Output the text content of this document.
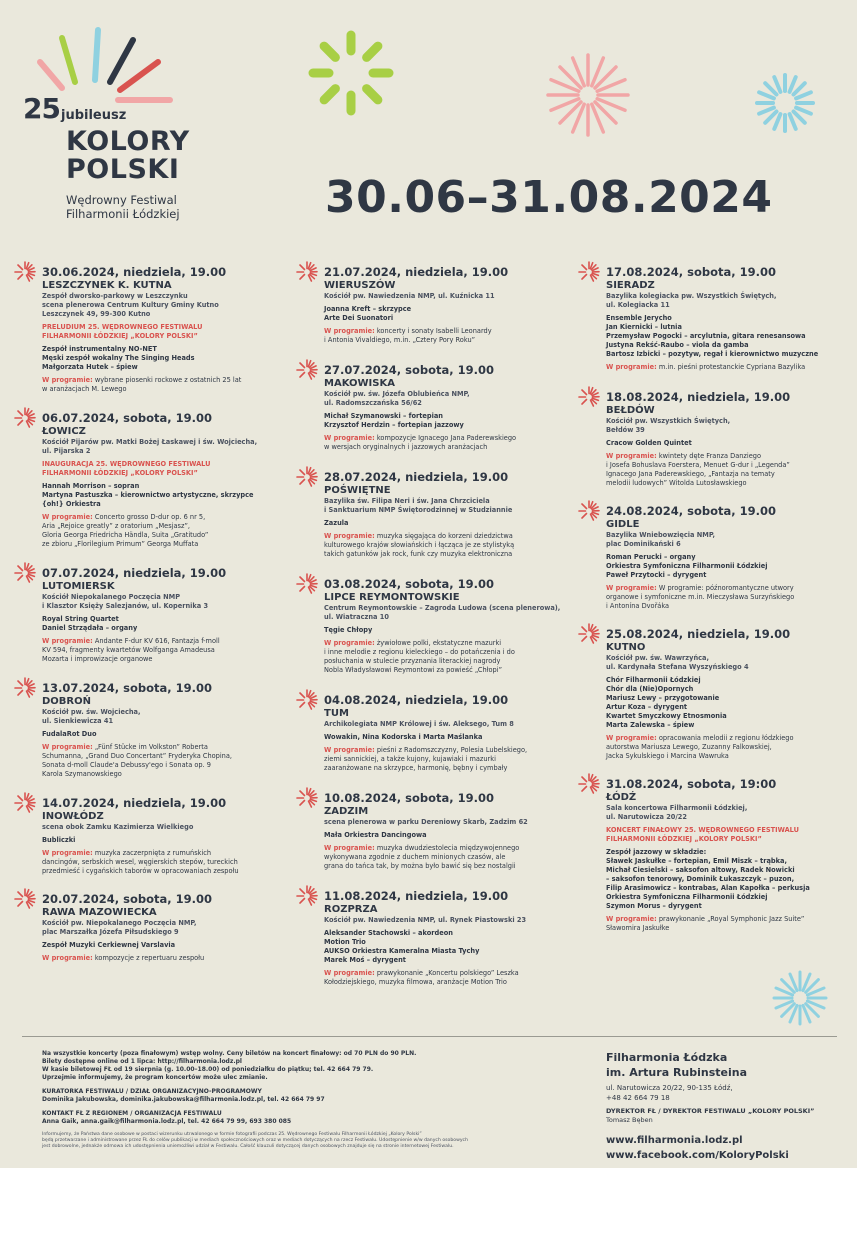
25 jubileusz
KOLORY
POLSKI
Wędrowny Festiwal
Filharmonii Łódzkiej	30.06–31.08.2024
30.06.2024, niedziela, 19.00
LESZCZYNEK K. KUTNA
Zespół dworsko-parkowy w Leszczynku
scena plenerowa Centrum Kultury Gminy Kutno
Leszczynek 49, 99-300 Kutno
PRELUDIUM 25. WĘDROWNEGO FESTIWALU
FILHARMONII ŁÓDZKIEJ „KOLORY POLSKI”
Zespół instrumentalny NO-NET
Męski zespół wokalny The Singing Heads
Małgorzata Hutek – śpiew
W programie: wybrane piosenki rockowe z ostatnich 25 lat
w aranżacjach M. Lewego
06.07.2024, sobota, 19.00
ŁOWICZ
Kościół Pijarów pw. Matki Bożej Łaskawej i św. Wojciecha,
ul. Pijarska 2
INAUGURACJA 25. WĘDROWNEGO FESTIWALU
FILHARMONII ŁÓDZKIEJ „KOLORY POLSKI”
Hannah Morrison – sopran
Martyna Pastuszka – kierownictwo artystyczne, skrzypce
{oh!} Orkiestra
W programie: Concerto grosso D-dur op. 6 nr 5,
Aria „Rejoice greatly” z oratorium „Mesjasz”,
Gloria Georga Friedricha Händla, Suita „Gratitudo”
ze zbioru „Florilegium Primum” Georga Muffata
07.07.2024, niedziela, 19.00
LUTOMIERSK
Kościół Niepokalanego Poczęcia NMP
i Klasztor Księży Salezjanów, ul. Kopernika 3
Royal String Quartet
Daniel Strządała – organy
W programie: Andante F-dur KV 616, Fantazja f-moll
KV 594, fragmenty kwartetów Wolfganga Amadeusa
Mozarta i improwizacje organowe
13.07.2024, sobota, 19.00
DOBROŃ
Kościół pw. św. Wojciecha,
ul. Sienkiewicza 41
FudalaRot Duo
W programie: „Fünf Stücke im Volkston” Roberta
Schumanna, „Grand Duo Concertant” Fryderyka Chopina,
Sonata d-moll Claude'a Debussy'ego i Sonata op. 9
Karola Szymanowskiego
14.07.2024, niedziela, 19.00
INOWŁÓDZ
scena obok Zamku Kazimierza Wielkiego
Bubliczki
W programie: muzyka zaczerpnięta z rumuńskich
dancingów, serbskich wesel, węgierskich stepów, tureckich
przedmieść i cygańskich taborów w opracowaniach zespołu
20.07.2024, sobota, 19.00
RAWA MAZOWIECKA
Kościół pw. Niepokalanego Poczęcia NMP,
plac Marszałka Józefa Piłsudskiego 9
Zespół Muzyki Cerkiewnej Varslavia
W programie: kompozycje z repertuaru zespołu
21.07.2024, niedziela, 19.00
WIERUSZÓW
Kościół pw. Nawiedzenia NMP, ul. Kuźnicka 11
Joanna Kreft – skrzypce
Arte Dei Suonatori
W programie: koncerty i sonaty Isabelli Leonardy
i Antonia Vivaldiego, m.in. „Cztery Pory Roku”
27.07.2024, sobota, 19.00
MAKOWISKA
Kościół pw. św. Józefa Oblubieńca NMP,
ul. Radomszczańska 56/62
Michał Szymanowski – fortepian
Krzysztof Herdzin – fortepian jazzowy
W programie: kompozycje Ignacego Jana Paderewskiego
w wersjach oryginalnych i jazzowych aranżacjach
28.07.2024, niedziela, 19.00
POŚWIĘTNE
Bazylika św. Filipa Neri i św. Jana Chrzciciela
i Sanktuarium NMP Świętorodzinnej w Studziannie
Zazula
W programie: muzyka sięgająca do korzeni dziedzictwa
kulturowego krajów słowiańskich i łącząca je ze stylistyką
takich gatunków jak rock, funk czy muzyka elektroniczna
03.08.2024, sobota, 19.00
LIPCE REYMONTOWSKIE
Centrum Reymontowskie – Zagroda Ludowa (scena plenerowa),
ul. Wiatraczna 10
Tęgie Chłopy
W programie: żywiołowe polki, ekstatyczne mazurki
i inne melodie z regionu kieleckiego – do potańczenia i do
posłuchania w stulecie przyznania literackiej nagrody
Nobla Władysławowi Reymontowi za powieść „Chłopi”
04.08.2024, niedziela, 19.00
TUM
Archikolegiata NMP Królowej i św. Aleksego, Tum 8
Wowakin, Nina Kodorska i Marta Maślanka
W programie: pieśni z Radomszczyzny, Polesia Lubelskiego,
ziemi sannickiej, a także kujony, kujawiaki i mazurki
zaaranżowane na skrzypce, harmonię, bębny i cymbały
10.08.2024, sobota, 19.00
ZADZIM
scena plenerowa w parku Dereniowy Skarb, Zadzim 62
Mała Orkiestra Dancingowa
W programie: muzyka dwudziestolecia międzywojennego
wykonywana zgodnie z duchem minionych czasów, ale
grana do tańca tak, by można było bawić się bez nostalgii
11.08.2024, niedziela, 19.00
ROZPRZA
Kościół pw. Nawiedzenia NMP, ul. Rynek Piastowski 23
Aleksander Stachowski – akordeon
Motion Trio
AUKSO Orkiestra Kameralna Miasta Tychy
Marek Moś – dyrygent
W programie: prawykonanie „Koncertu polskiego” Leszka
Kołodziejskiego, muzyka filmowa, aranżacje Motion Trio
17.08.2024, sobota, 19.00
SIERADZ
Bazylika kolegiacka pw. Wszystkich Świętych,
ul. Kolegiacka 11
Ensemble Jerycho
Jan Kiernicki – lutnia
Przemysław Pogocki – arcylutnia, gitara renesansowa
Justyna Rekść-Raubo – viola da gamba
Bartosz Izbicki – pozytyw, regał i kierownictwo muzyczne
W programie: m.in. pieśni protestanckie Cypriana Bazylika
18.08.2024, niedziela, 19.00
BEŁDÓW
Kościół pw. Wszystkich Świętych,
Bełdów 39
Cracow Golden Quintet
W programie: kwintety dęte Franza Danziego
i Josefa Bohuslava Foerstera, Menuet G-dur i „Legenda”
Ignacego Jana Paderewskiego, „Fantazja na tematy
melodii ludowych” Witolda Lutosławskiego
24.08.2024, sobota, 19.00
GIDLE
Bazylika Wniebowzięcia NMP,
plac Dominikański 6
Roman Perucki – organy
Orkiestra Symfoniczna Filharmonii Łódzkiej
Paweł Przytocki – dyrygent
W programie: W programie: późnoromantyczne utwory
organowe i symfoniczne m.in. Mieczysława Surzyńskiego
i Antonína Dvořáka
25.08.2024, niedziela, 19.00
KUTNO
Kościół pw. św. Wawrzyńca,
ul. Kardynała Stefana Wyszyńskiego 4
Chór Filharmonii Łódzkiej
Chór dla (Nie)Opornych
Mariusz Lewy – przygotowanie
Artur Koza – dyrygent
Kwartet Smyczkowy Etnosmonia
Marta Zalewska – śpiew
W programie: opracowania melodii z regionu łódzkiego
autorstwa Mariusza Lewego, Zuzanny Falkowskiej,
Jacka Sykulskiego i Marcina Wawruka
31.08.2024, sobota, 19:00
ŁÓDŹ
Sala koncertowa Filharmonii Łódzkiej,
ul. Narutowicza 20/22
KONCERT FINAŁOWY 25. WĘDROWNEGO FESTIWALU
FILHARMONII ŁÓDZKIEJ „KOLORY POLSKI”
Zespół jazzowy w składzie:
Sławek Jaskułke – fortepian, Emil Miszk – trąbka,
Michał Ciesielski – saksofon altowy, Radek Nowicki
– saksofon tenorowy, Dominik Łukaszczyk – puzon,
Filip Arasimowicz – kontrabas, Alan Kapołka – perkusja
Orkiestra Symfoniczna Filharmonii Łódzkiej
Szymon Morus – dyrygent
W programie: prawykonanie „Royal Symphonic Jazz Suite”
Sławomira Jaskułke
Na wszystkie koncerty (poza finałowym) wstęp wolny. Ceny biletów na koncert finałowy: od 70 PLN do 90 PLN.
Bilety dostępne online od 1 lipca: http://filharmonia.lodz.pl
W kasie biletowej FŁ od 19 sierpnia (g. 10.00–18.00) od poniedziałku do piątku; tel. 42 664 79 79.
Uprzejmie informujemy, że program koncertów może ulec zmianie.
KURATORKA FESTIWALU / DZIAŁ ORGANIZACYJNO-PROGRAMOWY
Dominika Jakubowska, dominika.jakubowska@filharmonia.lodz.pl, tel. 42 664 79 97
KONTAKT FŁ Z REGIONEM / ORGANIZACJA FESTIWALU
Anna Gaik, anna.gaik@filharmonia.lodz.pl, tel. 42 664 79 99, 693 380 085
Informujemy, że Państwa dane osobowe w postaci wizerunku utrwalonego w formie fotografii podczas 25. Wędrownego Festiwalu Filharmonii Łódzkiej „Kolory Polski”
będą przetwarzane i administrowane przez FŁ do celów publikacji w mediach społecznościowych oraz w mediach dotyczących na rzecz Festiwalu. Udostępnienie w/w danych osobowych
jest dobrowolne, jednakże odmowa ich udostępnienia uniemożliwi udział w Festiwalu. Całość klauzuli dotyczącej danych osobowych znajduje się na stronie internetowej Festiwalu.
Filharmonia Łódzka
im. Artura Rubinsteina
ul. Narutowicza 20/22, 90-135 Łódź,
+48 42 664 79 18
DYREKTOR FŁ / DYREKTOR FESTIWALU „KOLORY POLSKI”
Tomasz Bęben
www.filharmonia.lodz.pl
www.facebook.com/KoloryPolski
